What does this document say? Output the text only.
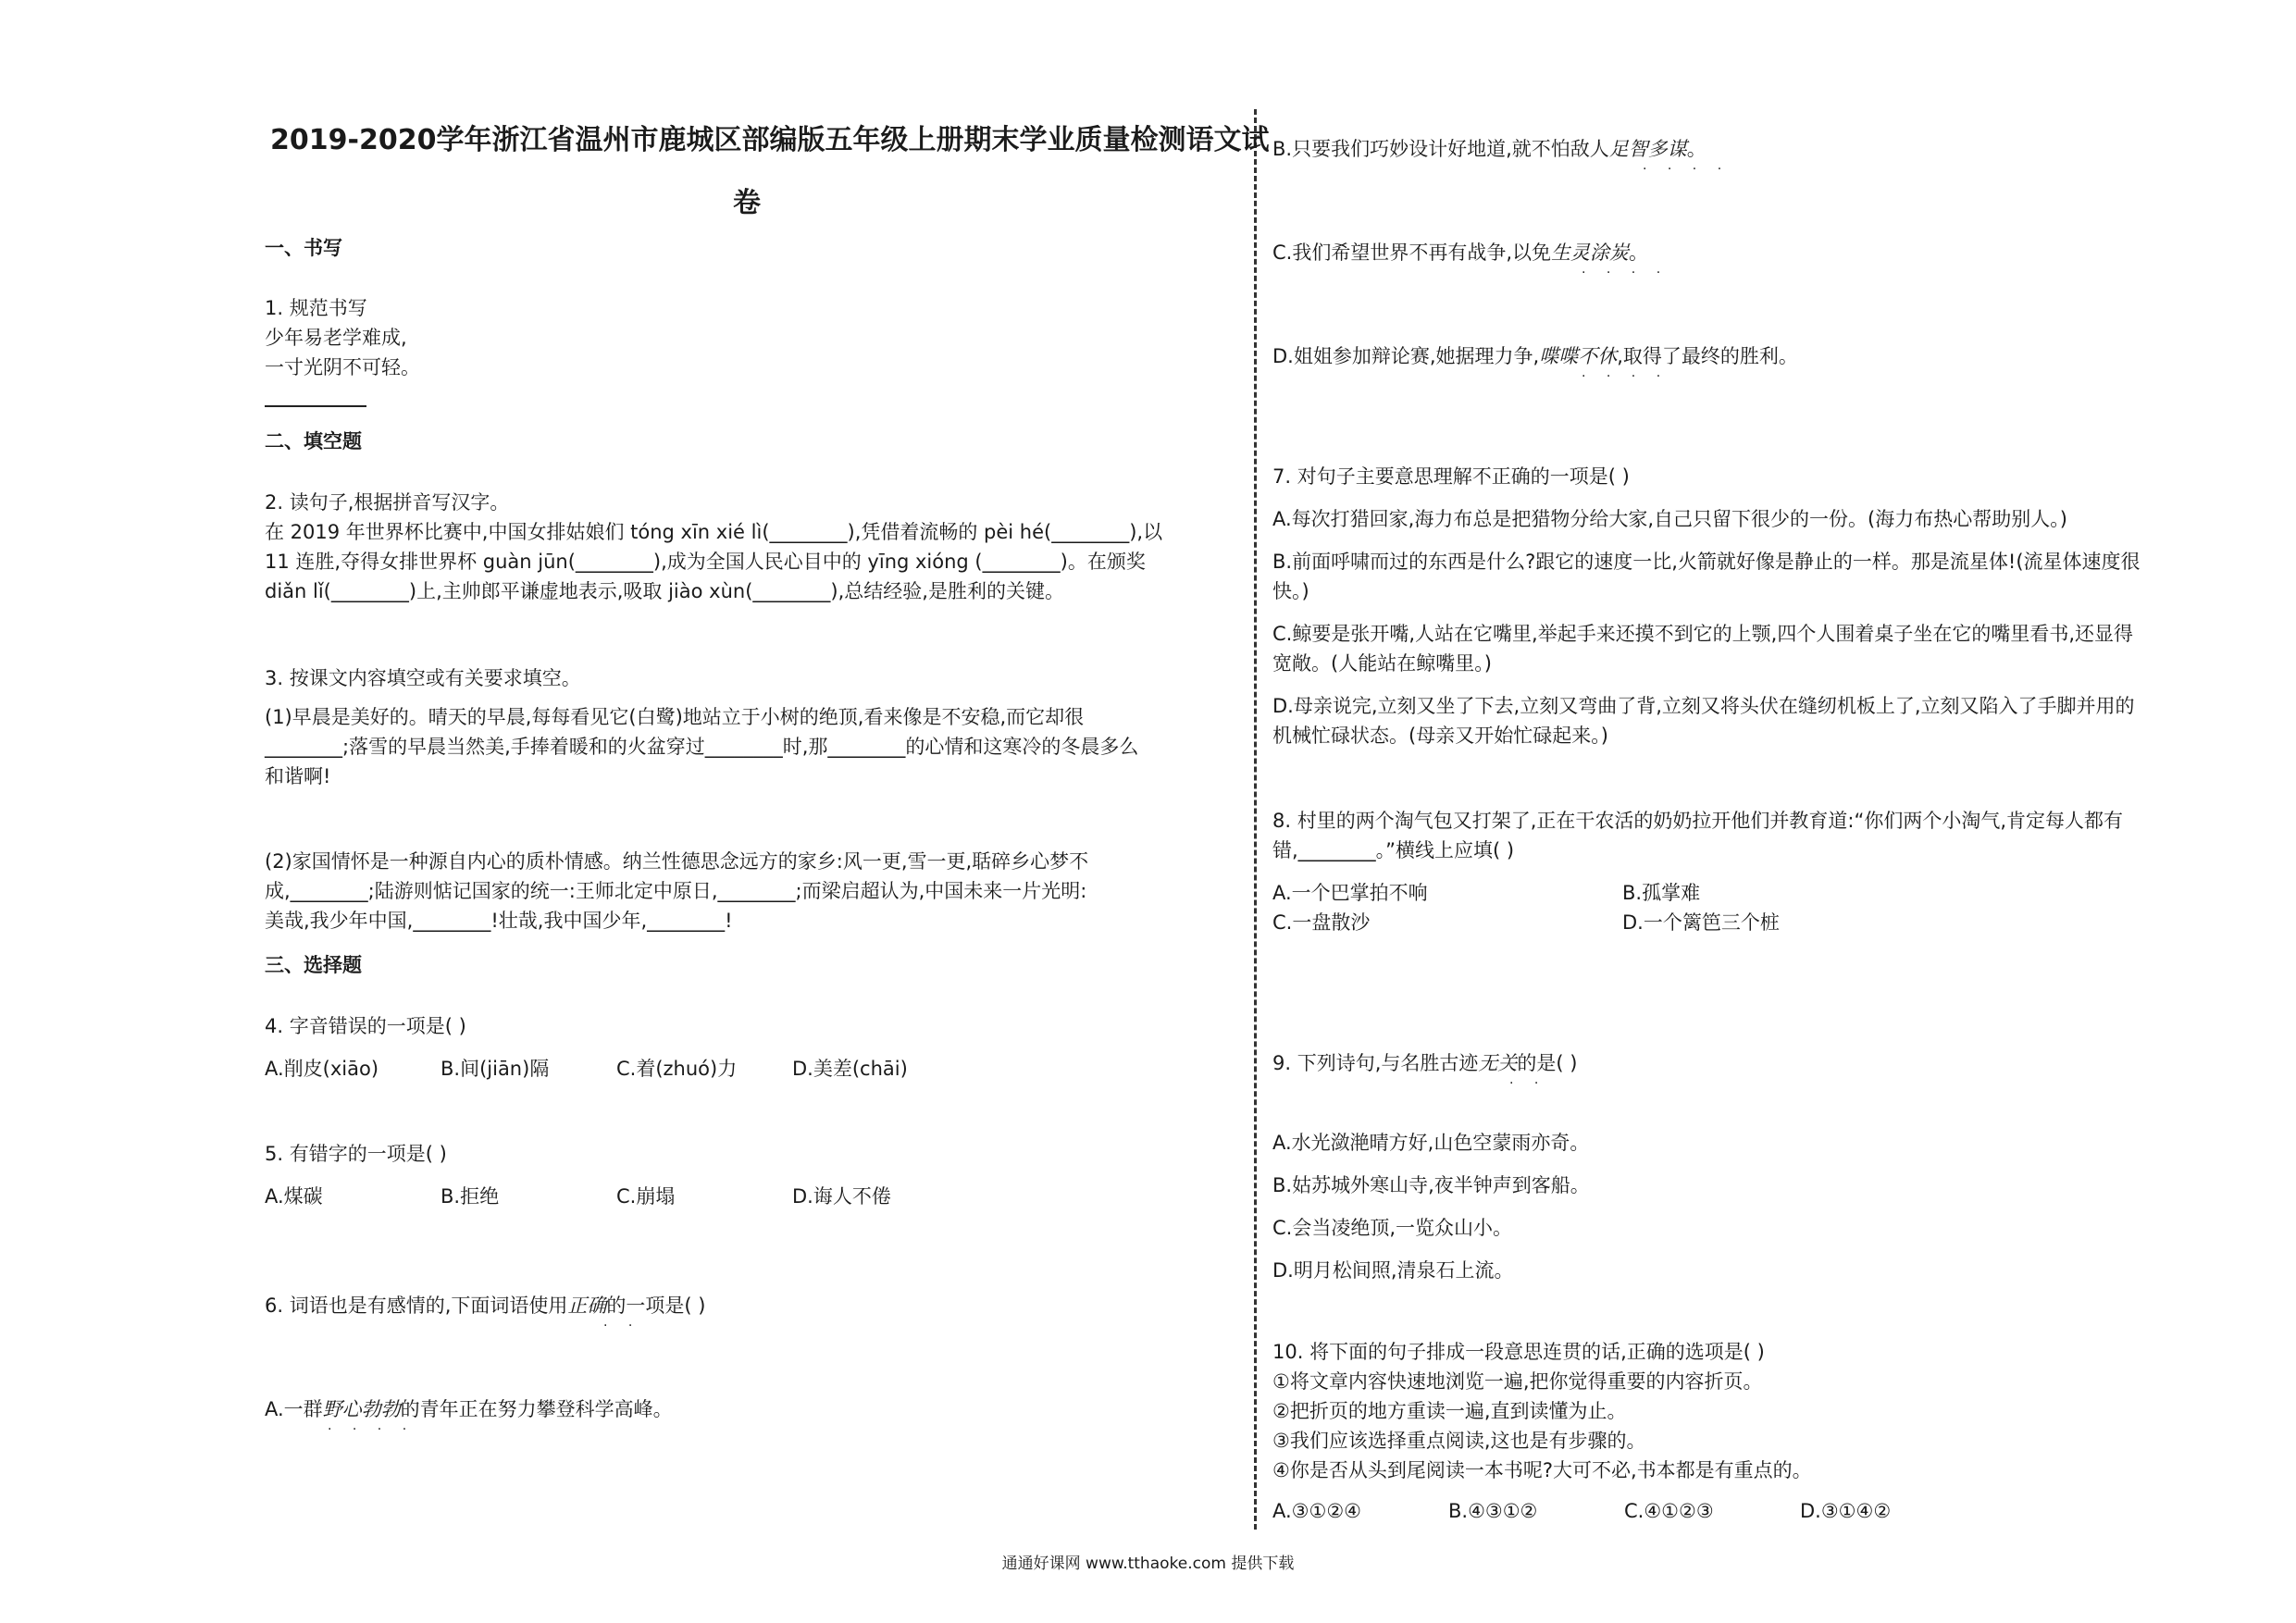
2019-2020学年浙江省温州市鹿城区部编版五年级上册期末学业质量检测语文试
卷
一、书写
1. 规范书写
少年易老学难成,
一寸光阴不可轻。
二、填空题
2. 读句子,根据拼音写汉字。
在 2019 年世界杯比赛中,中国女排姑娘们 tóng xīn xié lì(________),凭借着流畅的 pèi hé(________),以
11 连胜,夺得女排世界杯 guàn jūn(________),成为全国人民心目中的 yīng xióng (________)。在颁奖
diǎn lǐ(________)上,主帅郎平谦虚地表示,吸取 jiào xùn(________),总结经验,是胜利的关键。
3. 按课文内容填空或有关要求填空。
(1)早晨是美好的。晴天的早晨,每每看见它(白鹭)地站立于小树的绝顶,看来像是不安稳,而它却很
________;落雪的早晨当然美,手捧着暖和的火盆穿过________时,那________的心情和这寒冷的冬晨多么
和谐啊!
(2)家国情怀是一种源自内心的质朴情感。纳兰性德思念远方的家乡:风一更,雪一更,聒碎乡心梦不
成,________;陆游则惦记国家的统一:王师北定中原日,________;而梁启超认为,中国未来一片光明:
美哉,我少年中国,________!壮哉,我中国少年,________!
三、选择题
4. 字音错误的一项是( )
A.削皮(xiāo)	B.间(jiān)隔	C.着(zhuó)力	D.美差(chāi)
5. 有错字的一项是( )
A.煤碳	B.拒绝	C.崩塌	D.诲人不倦
6. 词语也是有感情的,下面词语使用正确的一项是( )
· ·
A.一群野心勃勃的青年正在努力攀登科学高峰。
· · · ·
B.只要我们巧妙设计好地道,就不怕敌人足智多谋。
· · · ·
C.我们希望世界不再有战争,以免生灵涂炭。
· · · ·
D.姐姐参加辩论赛,她据理力争,喋喋不休,取得了最终的胜利。
· · · ·
7. 对句子主要意思理解不正确的一项是( )
A.每次打猎回家,海力布总是把猎物分给大家,自己只留下很少的一份。(海力布热心帮助别人。)
B.前面呼啸而过的东西是什么?跟它的速度一比,火箭就好像是静止的一样。那是流星体!(流星体速度很
快。)
C.鲸要是张开嘴,人站在它嘴里,举起手来还摸不到它的上颚,四个人围着桌子坐在它的嘴里看书,还显得
宽敞。(人能站在鲸嘴里。)
D.母亲说完,立刻又坐了下去,立刻又弯曲了背,立刻又将头伏在缝纫机板上了,立刻又陷入了手脚并用的
机械忙碌状态。(母亲又开始忙碌起来。)
8. 村里的两个淘气包又打架了,正在干农活的奶奶拉开他们并教育道:“你们两个小淘气,肯定每人都有
错,________。”横线上应填( )
A.一个巴掌拍不响	B.孤掌难
C.一盘散沙	D.一个篱笆三个桩
9. 下列诗句,与名胜古迹无关的是( )
· ·
A.水光潋滟晴方好,山色空蒙雨亦奇。
B.姑苏城外寒山寺,夜半钟声到客船。
C.会当凌绝顶,一览众山小。
D.明月松间照,清泉石上流。
10. 将下面的句子排成一段意思连贯的话,正确的选项是( )
①将文章内容快速地浏览一遍,把你觉得重要的内容折页。
②把折页的地方重读一遍,直到读懂为止。
③我们应该选择重点阅读,这也是有步骤的。
④你是否从头到尾阅读一本书呢?大可不必,书本都是有重点的。
A.③①②④	B.④③①②	C.④①②③	D.③①④②
通通好课网 www.tthaoke.com 提供下载
